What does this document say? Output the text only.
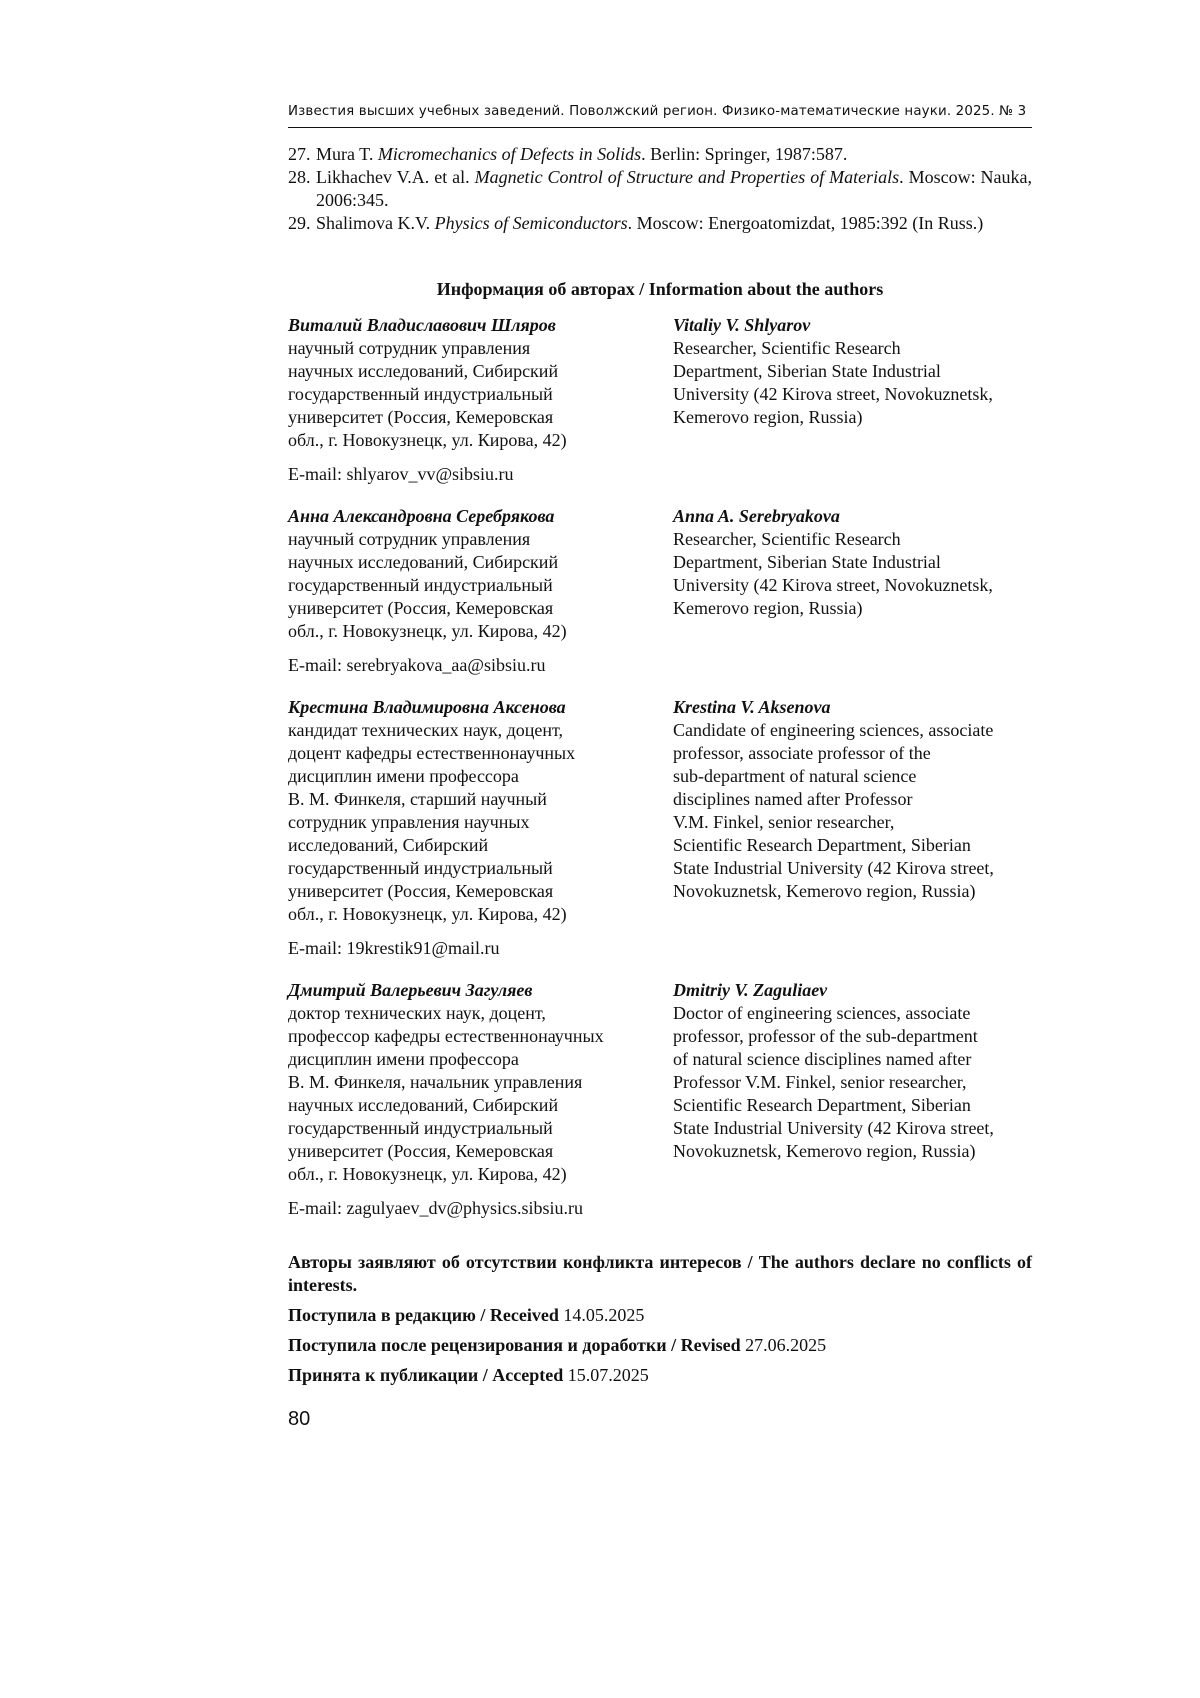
Известия высших учебных заведений. Поволжский регион. Физико-математические науки. 2025. № 3
27. Mura T. Micromechanics of Defects in Solids. Berlin: Springer, 1987:587.
28. Likhachev V.A. et al. Magnetic Control of Structure and Properties of Materials. Moscow: Nauka, 2006:345.
29. Shalimova K.V. Physics of Semiconductors. Moscow: Energoatomizdat, 1985:392 (In Russ.)
Информация об авторах / Information about the authors
Виталий Владиславович Шляров
научный сотрудник управления
научных исследований, Сибирский
государственный индустриальный
университет (Россия, Кемеровская
обл., г. Новокузнецк, ул. Кирова, 42)
E-mail: shlyarov_vv@sibsiu.ru
Vitaliy V. Shlyarov
Researcher, Scientific Research
Department, Siberian State Industrial
University (42 Kirova street, Novokuznetsk,
Kemerovo region, Russia)
Анна Александровна Серебрякова
научный сотрудник управления
научных исследований, Сибирский
государственный индустриальный
университет (Россия, Кемеровская
обл., г. Новокузнецк, ул. Кирова, 42)
E-mail: serebryakova_aa@sibsiu.ru
Anna A. Serebryakova
Researcher, Scientific Research
Department, Siberian State Industrial
University (42 Kirova street, Novokuznetsk,
Kemerovo region, Russia)
Крестина Владимировна Аксенова
кандидат технических наук, доцент,
доцент кафедры естественнонаучных
дисциплин имени профессора
В. М. Финкеля, старший научный
сотрудник управления научных
исследований, Сибирский
государственный индустриальный
университет (Россия, Кемеровская
обл., г. Новокузнецк, ул. Кирова, 42)
E-mail: 19krestik91@mail.ru
Krestina V. Aksenova
Candidate of engineering sciences, associate
professor, associate professor of the
sub-department of natural science
disciplines named after Professor
V.M. Finkel, senior researcher,
Scientific Research Department, Siberian
State Industrial University (42 Kirova street,
Novokuznetsk, Kemerovo region, Russia)
Дмитрий Валерьевич Загуляев
доктор технических наук, доцент,
профессор кафедры естественнонаучных
дисциплин имени профессора
В. М. Финкеля, начальник управления
научных исследований, Сибирский
государственный индустриальный
университет (Россия, Кемеровская
обл., г. Новокузнецк, ул. Кирова, 42)
E-mail: zagulyaev_dv@physics.sibsiu.ru
Dmitriy V. Zaguliaev
Doctor of engineering sciences, associate
professor, professor of the sub-department
of natural science disciplines named after
Professor V.M. Finkel, senior researcher,
Scientific Research Department, Siberian
State Industrial University (42 Kirova street,
Novokuznetsk, Kemerovo region, Russia)
Авторы заявляют об отсутствии конфликта интересов / The authors declare no conflicts of interests.
Поступила в редакцию / Received 14.05.2025
Поступила после рецензирования и доработки / Revised 27.06.2025
Принята к публикации / Accepted 15.07.2025
80
